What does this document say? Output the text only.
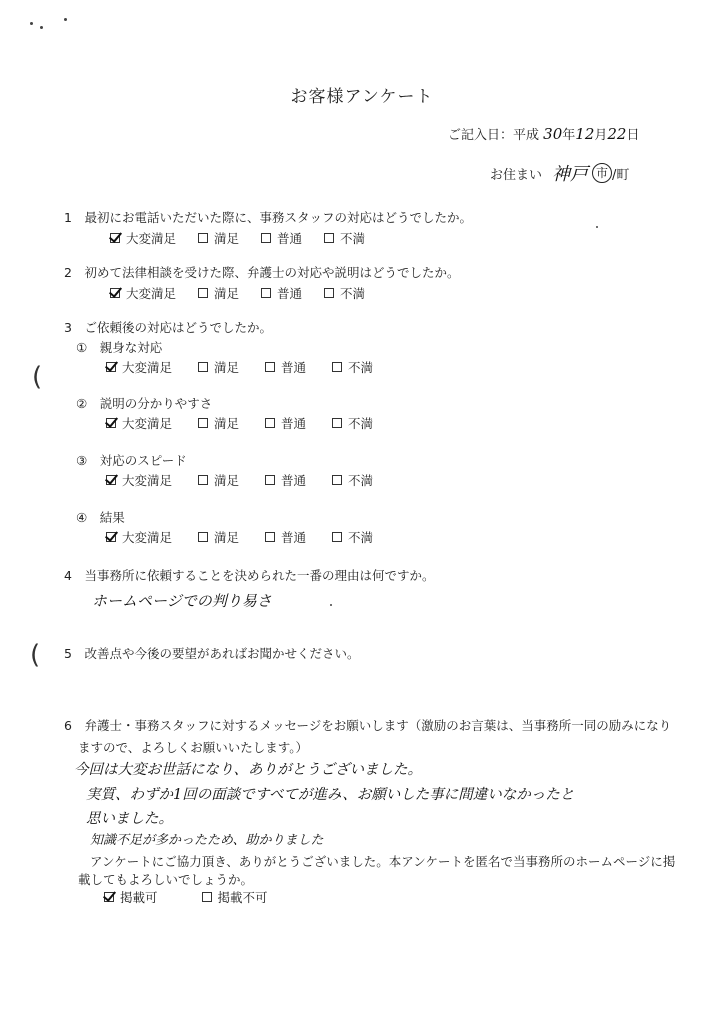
お客様アンケート
ご記入日：平成 30年12月22日
お住まい 神戸 市 /町
1　最初にお電話いただいた際に、事務スタッフの対応はどうでしたか。
大変満足	満足	普通	不満
2　初めて法律相談を受けた際、弁護士の対応や説明はどうでしたか。
大変満足	満足	普通	不満
3　ご依頼後の対応はどうでしたか。
①　親身な対応
大変満足	満足	普通	不満
(
②　説明の分かりやすさ
大変満足	満足	普通	不満
③　対応のスピード
大変満足	満足	普通	不満
④　結果
大変満足	満足	普通	不満
4　当事務所に依頼することを決められた一番の理由は何ですか。
ホームページでの判り易さ
( 5　改善点や今後の要望があればお聞かせください。
6　弁護士・事務スタッフに対するメッセージをお願いします（激励のお言葉は、当事務所一同の励みになり
ますので、よろしくお願いいたします。）
今回は大変お世話になり、ありがとうございました。
実質、わずか1回の面談ですべてが進み、お願いした事に間違いなかったと
思いました。
知識不足が多かったため、助かりました
アンケートにご協力頂き、ありがとうございました。本アンケートを匿名で当事務所のホームページに掲
載してもよろしいでしょうか。
掲載可	掲載不可
